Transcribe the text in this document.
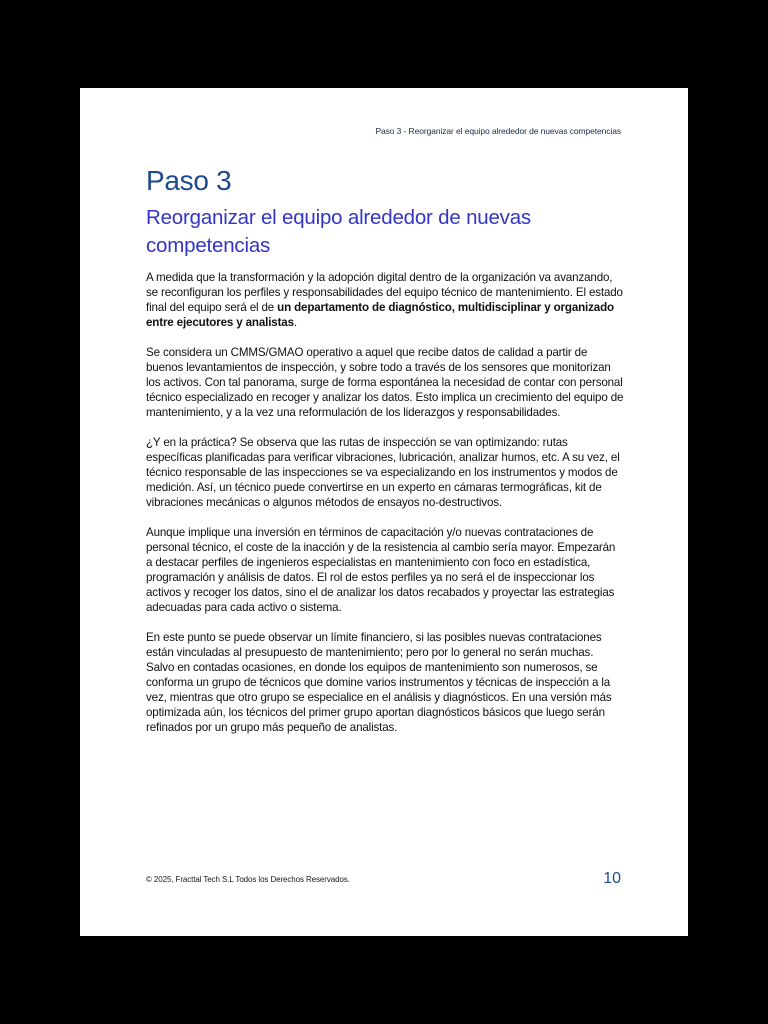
Paso 3 - Reorganizar el equipo alrededor de nuevas competencias
Paso 3
Reorganizar el equipo alrededor de nuevas competencias

A medida que la transformación y la adopción digital dentro de la organización va avanzando, se reconfiguran los perfiles y responsabilidades del equipo técnico de mantenimiento. El estado final del equipo será el de un departamento de diagnóstico, multidisciplinar y organizado entre ejecutores y analistas.

Se considera un CMMS/GMAO operativo a aquel que recibe datos de calidad a partir de buenos levantamientos de inspección, y sobre todo a través de los sensores que monitorizan los activos. Con tal panorama, surge de forma espontánea la necesidad de contar con personal técnico especializado en recoger y analizar los datos. Esto implica un crecimiento del equipo de mantenimiento, y a la vez una reformulación de los liderazgos y responsabilidades.

¿Y en la práctica? Se observa que las rutas de inspección se van optimizando: rutas específicas planificadas para verificar vibraciones, lubricación, analizar humos, etc. A su vez, el técnico responsable de las inspecciones se va especializando en los instrumentos y modos de medición. Así, un técnico puede convertirse en un experto en cámaras termográficas, kit de vibraciones mecánicas o algunos métodos de ensayos no-destructivos.

Aunque implique una inversión en términos de capacitación y/o nuevas contrataciones de personal técnico, el coste de la inacción y de la resistencia al cambio sería mayor. Empezarán a destacar perfiles de ingenieros especialistas en mantenimiento con foco en estadística, programación y análisis de datos. El rol de estos perfiles ya no será el de inspeccionar los activos y recoger los datos, sino el de analizar los datos recabados y proyectar las estrategias adecuadas para cada activo o sistema.

En este punto se puede observar un límite financiero, si las posibles nuevas contrataciones están vinculadas al presupuesto de mantenimiento; pero por lo general no serán muchas. Salvo en contadas ocasiones, en donde los equipos de mantenimiento son numerosos, se conforma un grupo de técnicos que domine varios instrumentos y técnicas de inspección a la vez, mientras que otro grupo se especialice en el análisis y diagnósticos. En una versión más optimizada aún, los técnicos del primer grupo aportan diagnósticos básicos que luego serán refinados por un grupo más pequeño de analistas.

© 2025, Fracttal Tech S.L Todos los Derechos Reservados.	10
